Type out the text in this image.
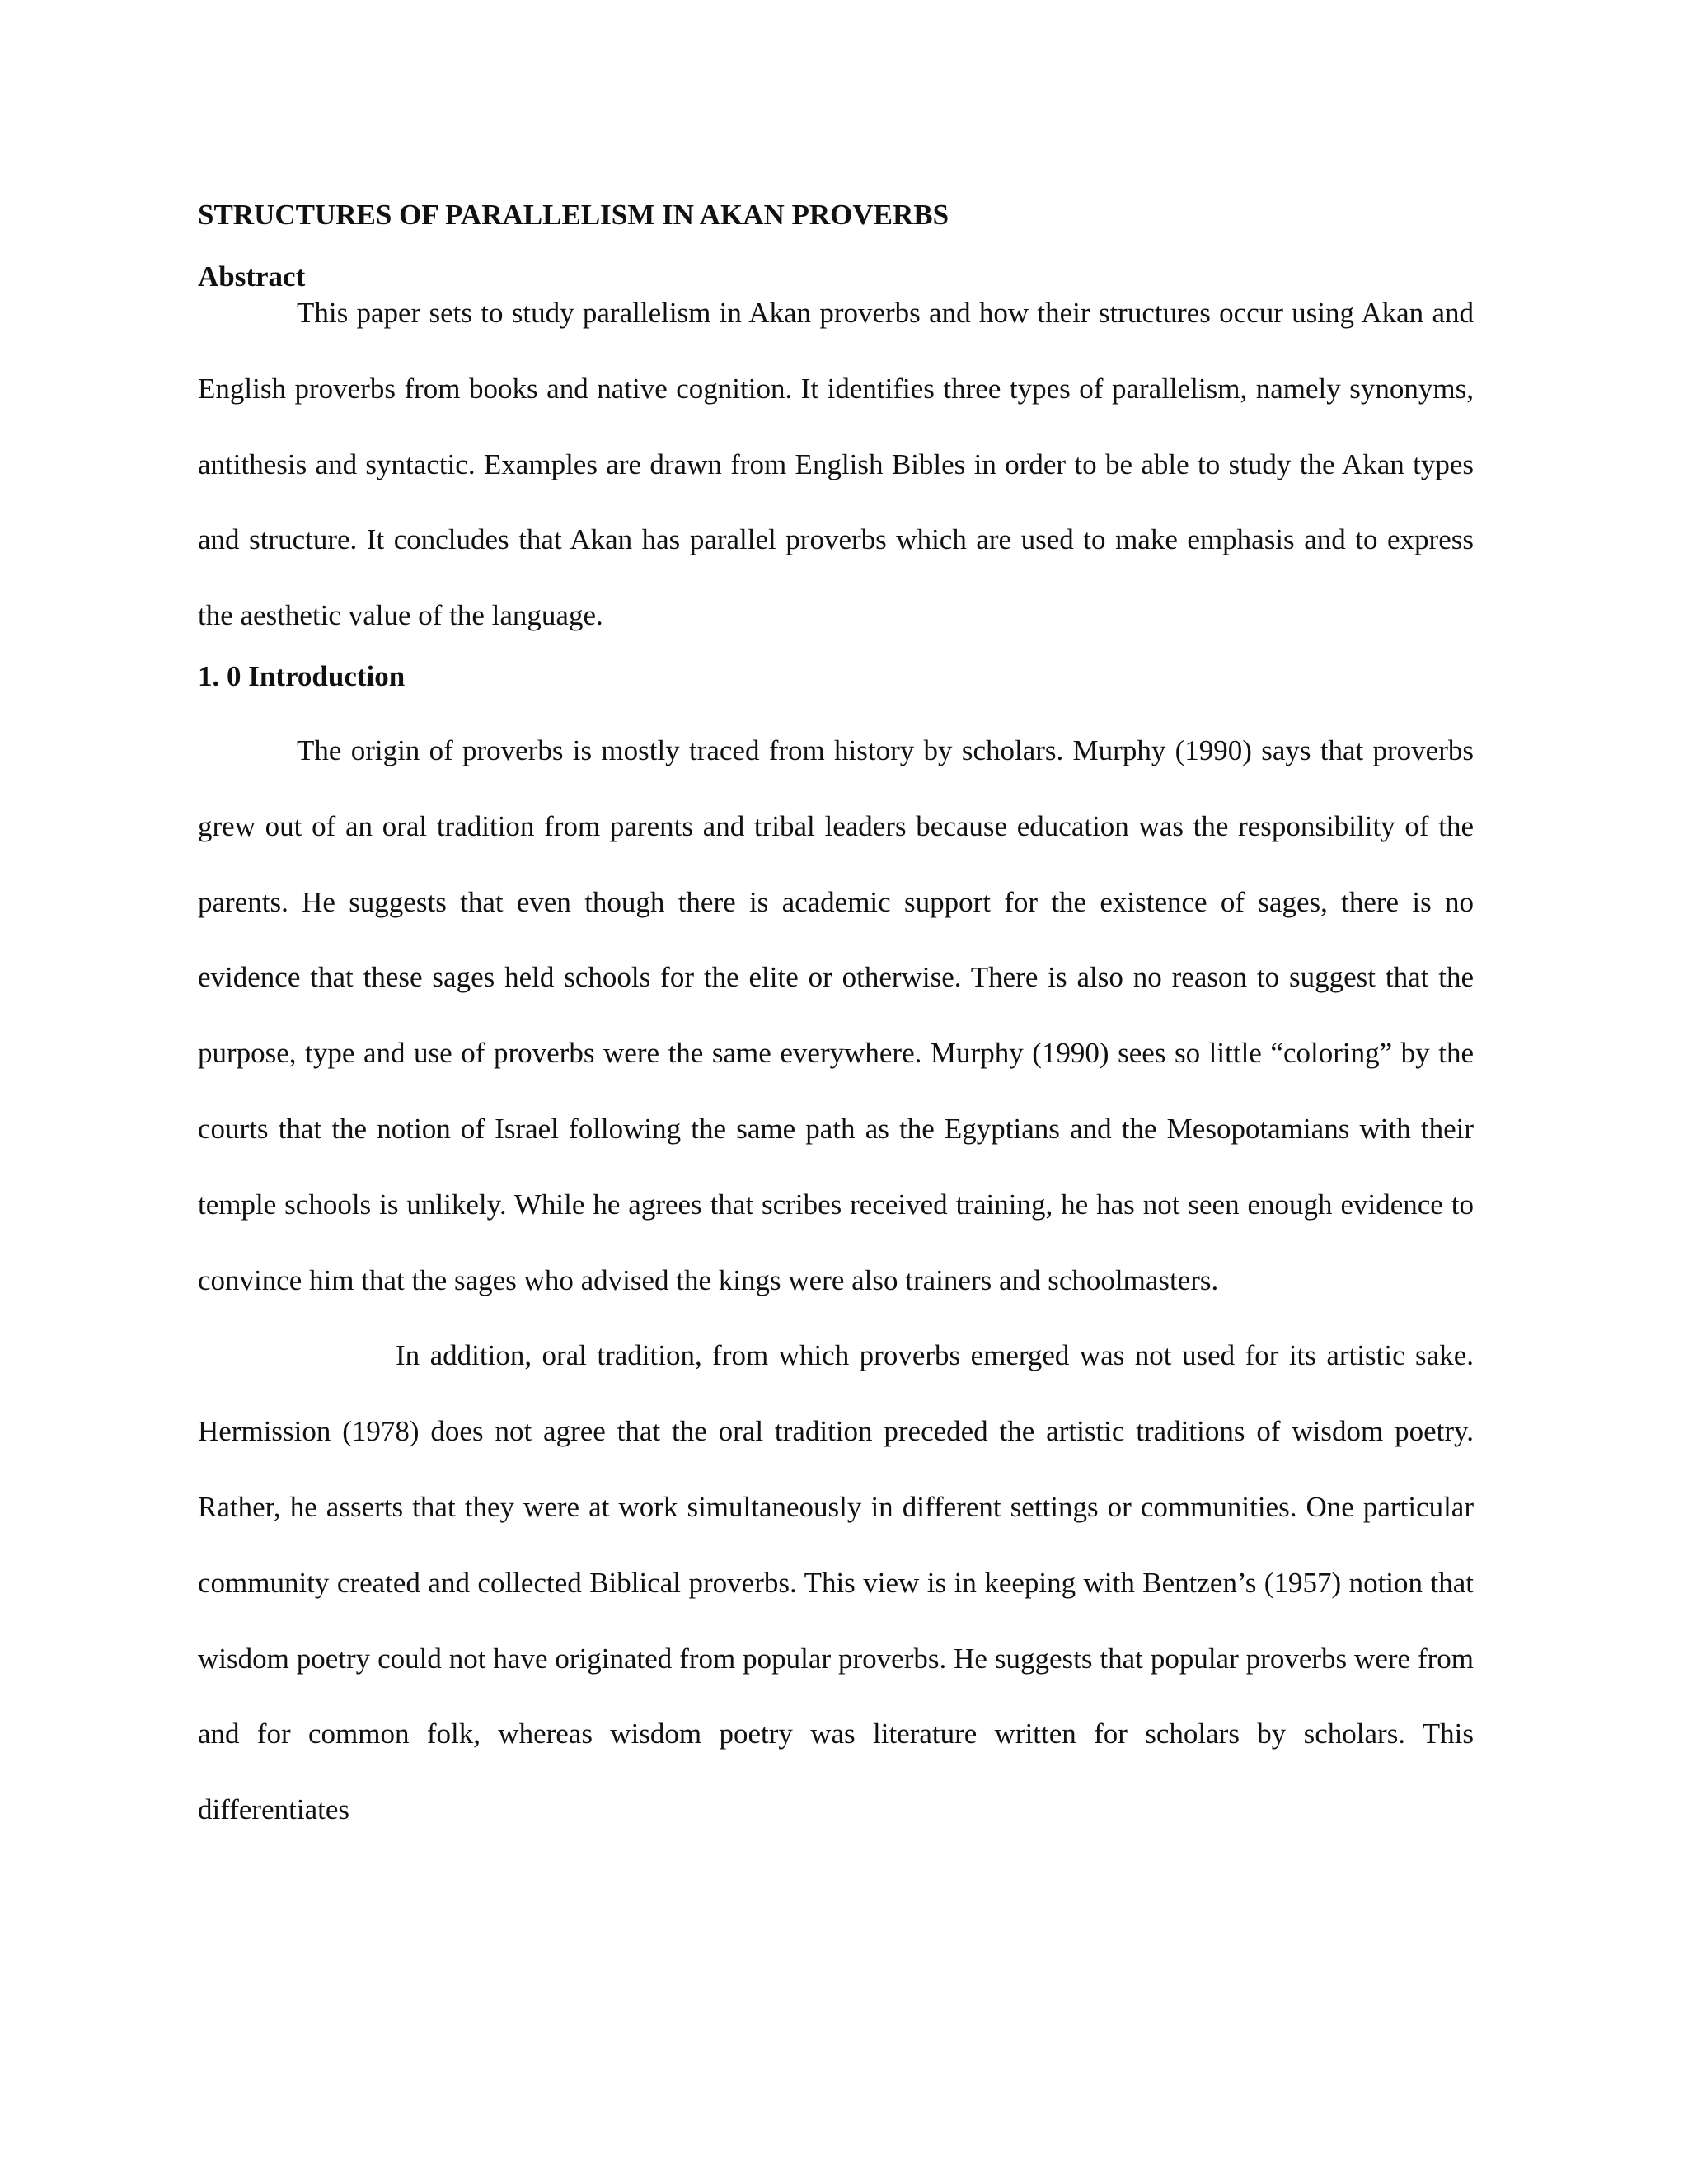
STRUCTURES OF PARALLELISM IN AKAN PROVERBS
Abstract

This paper sets to study parallelism in Akan proverbs and how their structures occur using Akan and English proverbs from books and native cognition. It identifies three types of parallelism, namely synonyms, antithesis and syntactic. Examples are drawn from English Bibles in order to be able to study the Akan types and structure. It concludes that Akan has parallel proverbs which are used to make emphasis and to express the aesthetic value of the language.

1. 0 Introduction

The origin of proverbs is mostly traced from history by scholars. Murphy (1990) says that proverbs grew out of an oral tradition from parents and tribal leaders because education was the responsibility of the parents. He suggests that even though there is academic support for the existence of sages, there is no evidence that these sages held schools for the elite or otherwise. There is also no reason to suggest that the purpose, type and use of proverbs were the same everywhere. Murphy (1990) sees so little “coloring” by the courts that the notion of Israel following the same path as the Egyptians and the Mesopotamians with their temple schools is unlikely. While he agrees that scribes received training, he has not seen enough evidence to convince him that the sages who advised the kings were also trainers and schoolmasters.

In addition, oral tradition, from which proverbs emerged was not used for its artistic sake. Hermission (1978) does not agree that the oral tradition preceded the artistic traditions of wisdom poetry. Rather, he asserts that they were at work simultaneously in different settings or communities. One particular community created and collected Biblical proverbs. This view is in keeping with Bentzen’s (1957) notion that wisdom poetry could not have originated from popular proverbs. He suggests that popular proverbs were from and for common folk, whereas wisdom poetry was literature written for scholars by scholars. This differentiates
